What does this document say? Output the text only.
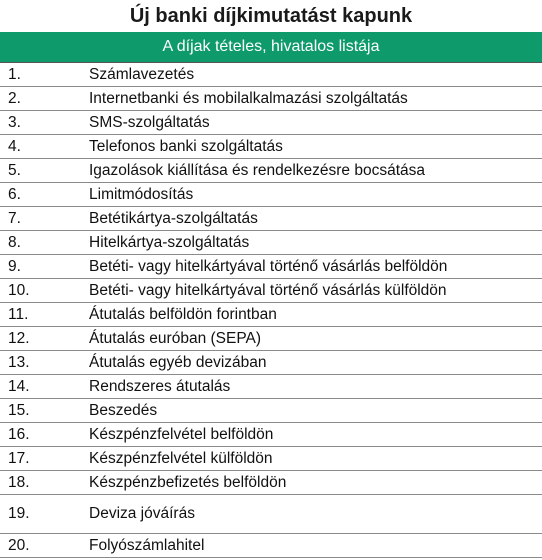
Új banki díjkimutatást kapunk
A díjak tételes, hivatalos listája
1.	Számlavezetés
2.	Internetbanki és mobilalkalmazási szolgáltatás
3.	SMS-szolgáltatás
4.	Telefonos banki szolgáltatás
5.	Igazolások kiállítása és rendelkezésre bocsátása
6.	Limitmódosítás
7.	Betétikártya-szolgáltatás
8.	Hitelkártya-szolgáltatás
9.	Betéti- vagy hitelkártyával történő vásárlás belföldön
10.	Betéti- vagy hitelkártyával történő vásárlás külföldön
11.	Átutalás belföldön forintban
12.	Átutalás euróban (SEPA)
13.	Átutalás egyéb devizában
14.	Rendszeres átutalás
15.	Beszedés
16.	Készpénzfelvétel belföldön
17.	Készpénzfelvétel külföldön
18.	Készpénzbefizetés belföldön
19.	Deviza jóváírás
20.	Folyószámlahitel
